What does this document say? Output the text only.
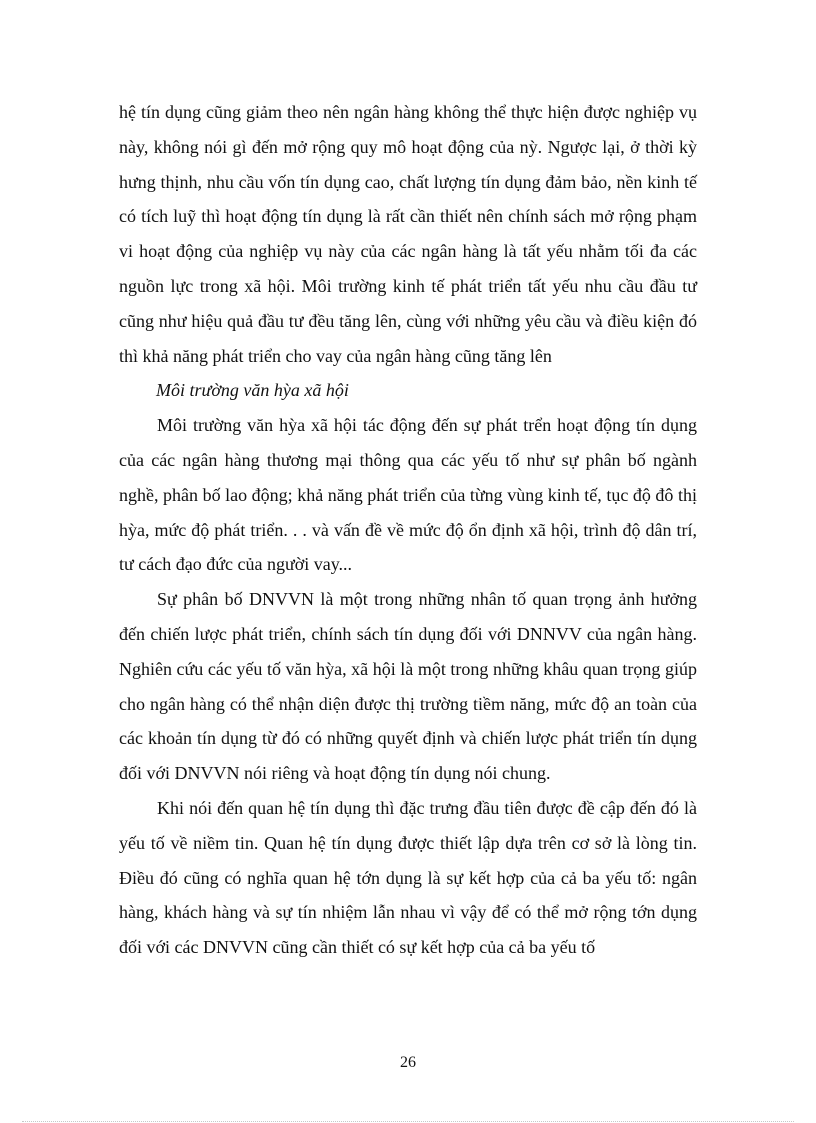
hệ tín dụng cũng giảm theo nên ngân hàng không thể thực hiện được nghiệp vụ này, không nói gì đến mở rộng quy mô hoạt động của nỳ. Ngược lại, ở thời kỳ hưng thịnh, nhu cầu vốn tín dụng cao, chất lượng tín dụng đảm bảo, nền kinh tế có tích luỹ thì hoạt động tín dụng là rất cần thiết nên chính sách mở rộng phạm vi hoạt động của nghiệp vụ này của các ngân hàng là tất yếu nhằm tối đa các nguồn lực trong xã hội. Môi trường kinh tế phát triển tất yếu nhu cầu đầu tư cũng như hiệu quả đầu tư đều tăng lên, cùng với những yêu cầu và điều kiện đó thì khả năng phát triển cho vay của ngân hàng cũng tăng lên

Môi trường văn hỳa xã hội

Môi trường văn hỳa xã hội tác động đến sự phát trển hoạt động tín dụng của các ngân hàng thương mại thông qua các yếu tố như sự phân bố ngành nghề, phân bố lao động; khả năng phát triển của từng vùng kinh tế, tục độ đô thị hỳa, mức độ phát triển. . . và vấn đề về mức độ ổn định xã hội, trình độ dân trí, tư cách đạo đức của người vay...

Sự phân bố DNVVN là một trong những nhân tố quan trọng ảnh hưởng đến chiến lược phát triển, chính sách tín dụng đối với DNNVV của ngân hàng. Nghiên cứu các yếu tố văn hỳa, xã hội là một trong những khâu quan trọng giúp cho ngân hàng có thể nhận diện được thị trường tiềm năng, mức độ an toàn của các khoản tín dụng từ đó có những quyết định và chiến lược phát triển tín dụng đối với DNVVN nói riêng và hoạt động tín dụng nói chung.

Khi nói đến quan hệ tín dụng thì đặc trưng đầu tiên được đề cập đến đó là yếu tố về niềm tin. Quan hệ tín dụng được thiết lập dựa trên cơ sở là lòng tin. Điều đó cũng có nghĩa quan hệ tớn dụng là sự kết hợp của cả ba yếu tố: ngân hàng, khách hàng và sự tín nhiệm lẫn nhau vì vậy để có thể mở rộng tớn dụng đối với các DNVVN cũng cần thiết có sự kết hợp của cả ba yếu tố

26
